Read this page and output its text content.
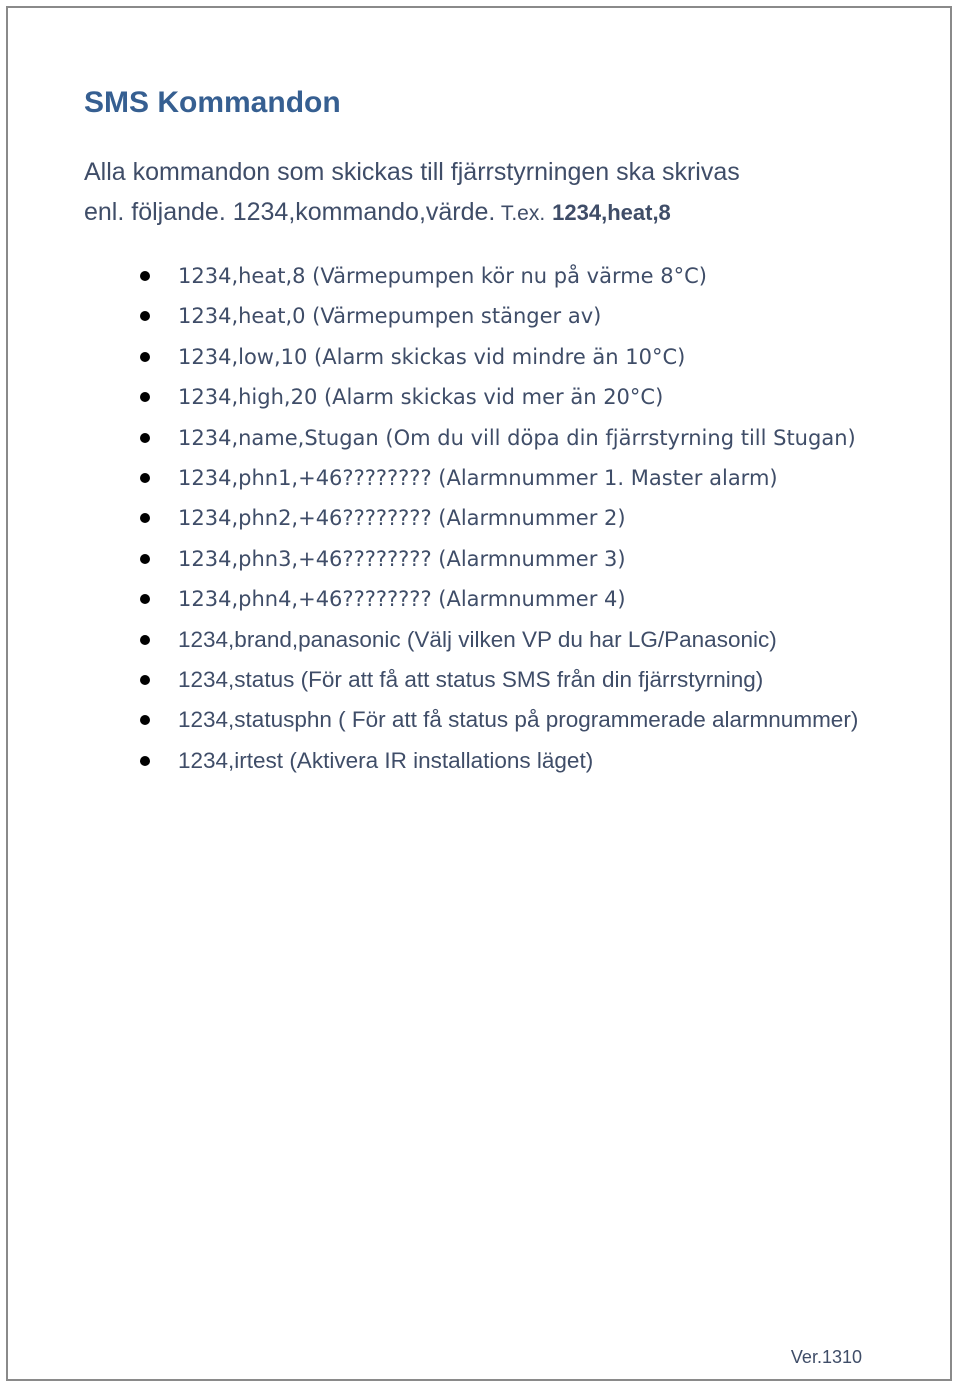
SMS Kommandon

Alla kommandon som skickas till fjärrstyrningen ska skrivas
enl. följande. 1234,kommando,värde. T.ex. 1234,heat,8

1234,heat,8 (Värmepumpen kör nu på värme 8°C)
1234,heat,0 (Värmepumpen stänger av)
1234,low,10 (Alarm skickas vid mindre än 10°C)
1234,high,20 (Alarm skickas vid mer än 20°C)
1234,name,Stugan (Om du vill döpa din fjärrstyrning till Stugan)
1234,phn1,+46???????? (Alarmnummer 1. Master alarm)
1234,phn2,+46???????? (Alarmnummer 2)
1234,phn3,+46???????? (Alarmnummer 3)
1234,phn4,+46???????? (Alarmnummer 4)
1234,brand,panasonic (Välj vilken VP du har LG/Panasonic)
1234,status (För att få att status SMS från din fjärrstyrning)
1234,statusphn ( För att få status på programmerade alarmnummer)
1234,irtest (Aktivera IR installations läget)
Ver.1310
